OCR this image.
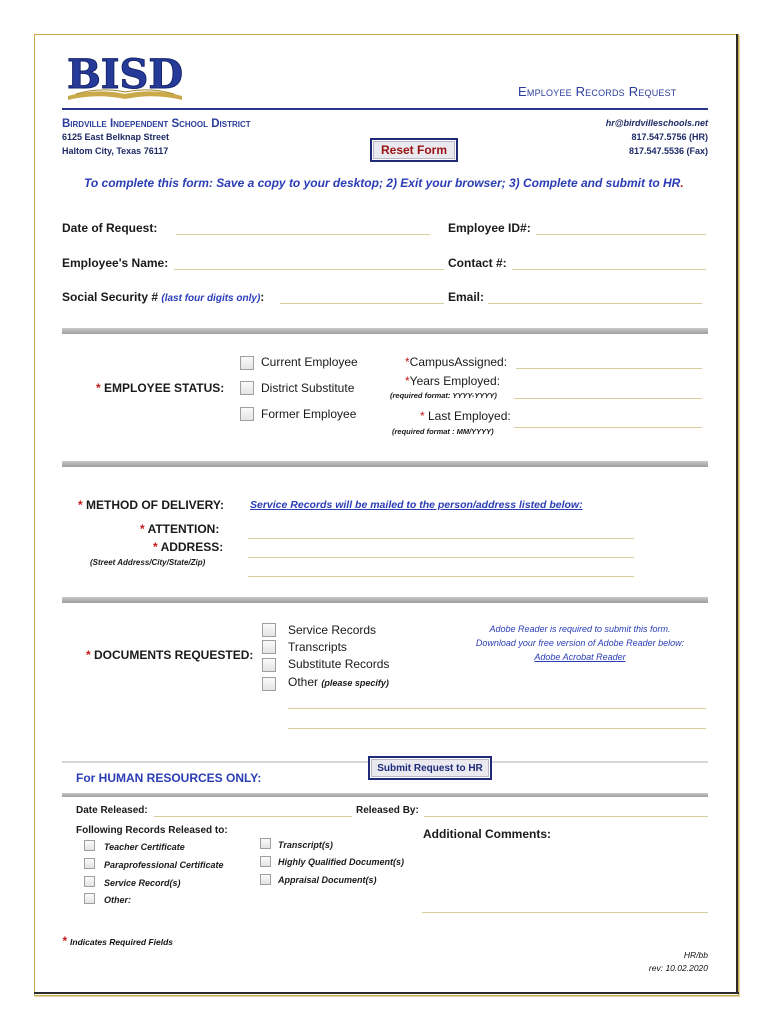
BISD	Employee Records Request
Birdville Independent School District
6125 East Belknap Street
Haltom City, Texas 76117
hr@birdvilleschools.net
817.547.5756 (HR)
817.547.5536 (Fax)
Reset Form
To complete this form: Save a copy to your desktop; 2) Exit your browser; 3) Complete and submit to HR.
Date of Request:	Employee ID#:
Employee's Name:	Contact #:
Social Security # (last four digits only):	Email:
* EMPLOYEE STATUS:
Current Employee
District Substitute
Former Employee
*CampusAssigned:
*Years Employed:
(required format: YYYY-YYYY)
* Last Employed:
(required format : MM/YYYY)
* METHOD OF DELIVERY: Service Records will be mailed to the person/address listed below:
* ATTENTION:
* ADDRESS:
(Street Address/City/State/Zip)
* DOCUMENTS REQUESTED:
Service Records
Transcripts
Substitute Records
Other (please specify)
Adobe Reader is required to submit this form.
Download your free version of Adobe Reader below:
Adobe Acrobat Reader
Submit Request to HR
For HUMAN RESOURCES ONLY:
Date Released:	Released By:
Following Records Released to:	Additional Comments:
Teacher Certificate
Paraprofessional Certificate
Service Record(s)
Other:
Transcript(s)
Highly Qualified Document(s)
Appraisal Document(s)
* Indicates Required Fields
HR/bb
rev: 10.02.2020
